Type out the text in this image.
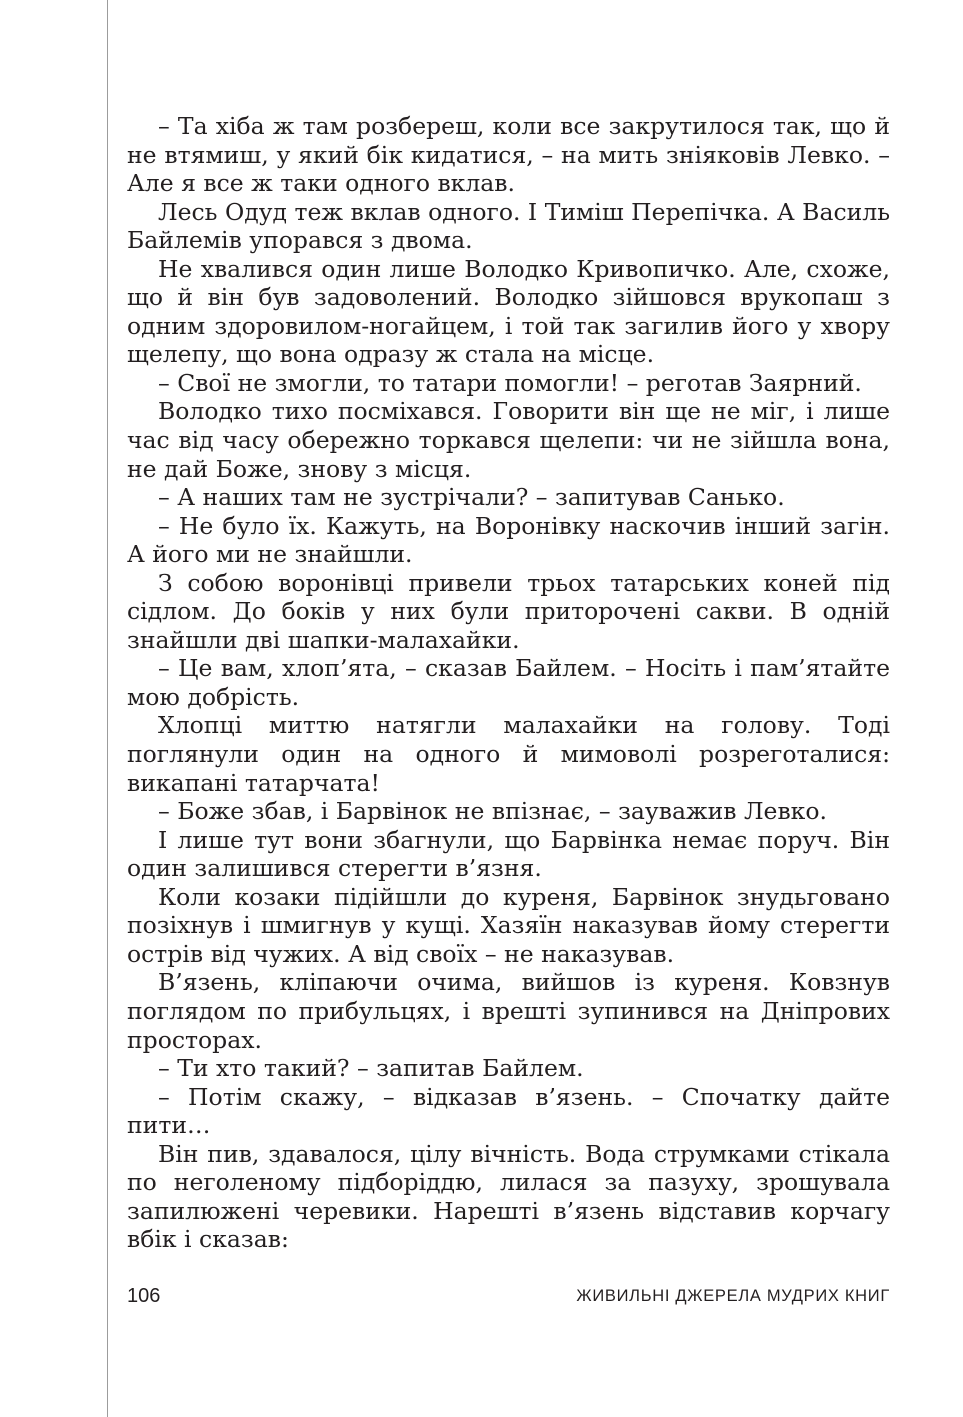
– Та хіба ж там розбереш, коли все закрутилося так, що й не втямиш, у який бік кидатися, – на мить зніяковів Левко. – Але я все ж таки одного вклав.

Лесь Одуд теж вклав одного. І Тиміш Перепічка. А Василь Байлемів упорався з двома.

Не хвалився один лише Володко Кривопичко. Але, схоже, що й він був задоволений. Володко зійшовся врукопаш з одним здоровилом-ногайцем, і той так загилив його у хвору щелепу, що вона одразу ж стала на місце.

– Свої не змогли, то татари помогли! – реготав Заярний.

Володко тихо посміхався. Говорити він ще не міг, і лише час від часу обережно торкався щелепи: чи не зійшла вона, не дай Боже, знову з місця.

– А наших там не зустрічали? – запитував Санько.

– Не було їх. Кажуть, на Воронівку наскочив інший загін. А його ми не знайшли.

З собою воронівці привели трьох татарських коней під сідлом. До боків у них були приторочені сакви. В одній знайшли дві шапки-малахайки.

– Це вам, хлоп’ята, – сказав Байлем. – Носіть і пам’ятайте мою добрість.

Хлопці миттю натягли малахайки на голову. Тоді поглянули один на одного й мимоволі розреготалися: викапані татарчата!

– Боже збав, і Барвінок не впізнає, – зауважив Левко.

І лише тут вони збагнули, що Барвінка немає поруч. Він один залишився стерегти в’язня.

Коли козаки підійшли до куреня, Барвінок знудьговано позіхнув і шмигнув у кущі. Хазяїн наказував йому стерегти острів від чужих. А від своїх – не наказував.

В’язень, кліпаючи очима, вийшов із куреня. Ковзнув поглядом по прибульцях, і врешті зупинився на Дніпрових просторах.

– Ти хто такий? – запитав Байлем.

– Потім скажу, – відказав в’язень. – Спочатку дайте пити…

Він пив, здавалося, цілу вічність. Вода струмками стікала по неголеному підборіддю, лилася за пазуху, зрошувала запилюжені черевики. Нарешті в’язень відставив корчагу вбік і сказав:

106	ЖИВИЛЬНІ ДЖЕРЕЛА МУДРИХ КНИГ
